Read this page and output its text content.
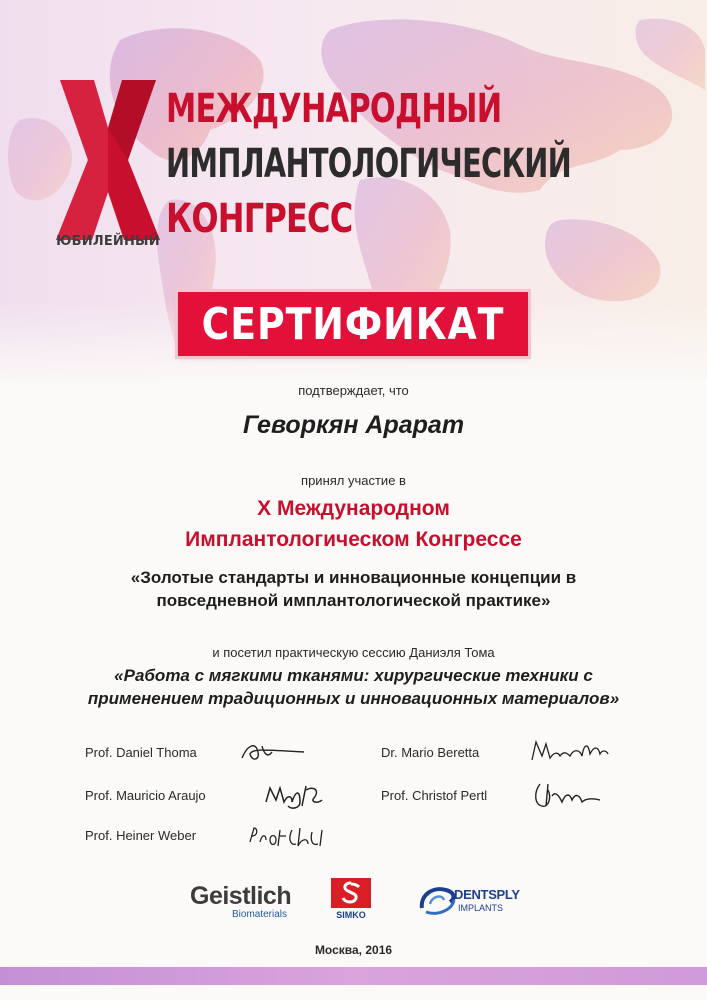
ЮБИЛЕЙНЫЙ
МЕЖДУНАРОДНЫЙ
ИМПЛАНТОЛОГИЧЕСКИЙ
КОНГРЕСС
СЕРТИФИКАТ
подтверждает, что
Геворкян Арарат
принял участие в
X Международном
Имплантологическом Конгрессе
«Золотые стандарты и инновационные концепции в
повседневной имплантологической практике»
и посетил практическую сессию Даниэля Тома
«Работа с мягкими тканями: хирургические техники с
применением традиционных и инновационных материалов»
Prof. Daniel Thoma	Dr. Mario Beretta
Prof. Mauricio Araujo	Prof. Christof Pertl
Prof. Heiner Weber
Geistlich
Biomaterials	SIMKO
DENTSPLY
IMPLANTS
Москва, 2016
